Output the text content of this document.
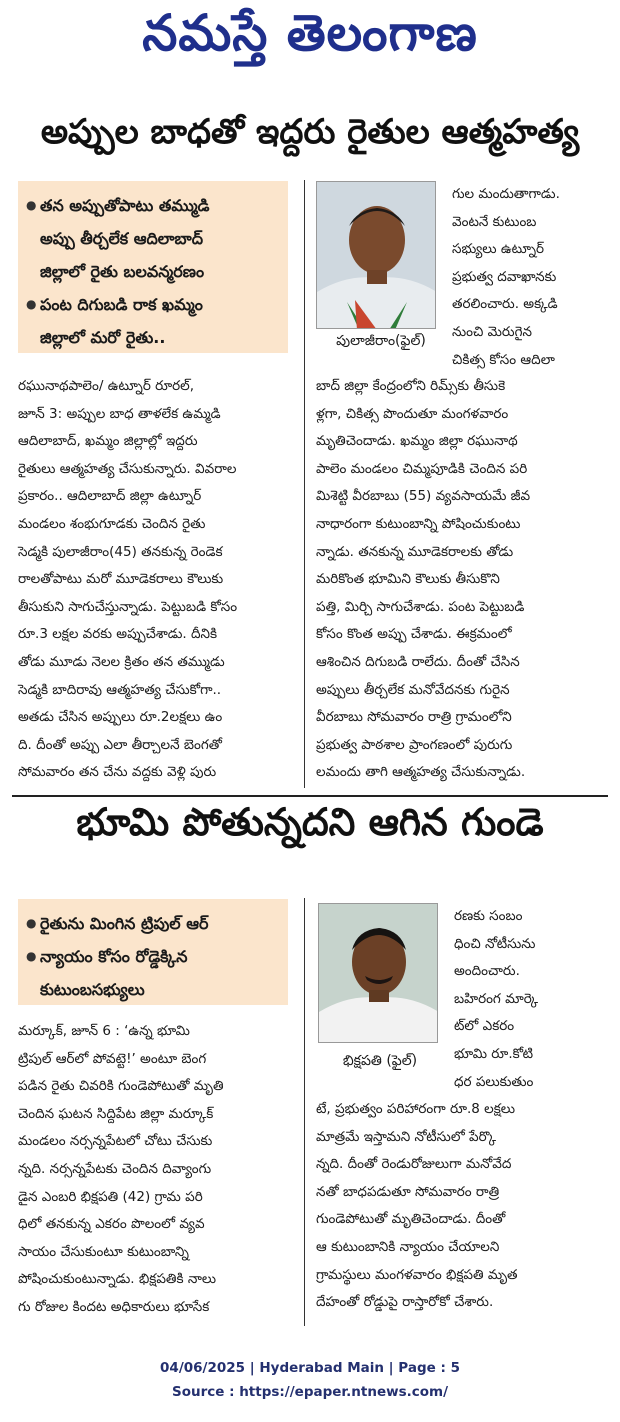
నమస్తే తెలంగాణ
అప్పుల బాధతో ఇద్దరు రైతుల ఆత్మహత్య
● తన అప్పుతోపాటు తమ్ముడి
అప్పు తీర్చలేక ఆదిలాబాద్
జిల్లాలో రైతు బలవన్మరణం
● పంట దిగుబడి రాక ఖమ్మం
జిల్లాలో మరో రైతు..
రఘునాథపాలెం/ ఉట్నూర్ రూరల్,
జూన్ 3: అప్పుల బాధ తాళలేక ఉమ్మడి
ఆదిలాబాద్, ఖమ్మం జిల్లాల్లో ఇద్దరు
రైతులు ఆత్మహత్య చేసుకున్నారు. వివరాల
ప్రకారం.. ఆదిలాబాద్ జిల్లా ఉట్నూర్
మండలం శంభుగూడకు చెందిన రైతు
సెడ్మకి పులాజీరాం(45) తనకున్న రెండెక
రాలతోపాటు మరో మూడెకరాలు కౌలుకు
తీసుకుని సాగుచేస్తున్నాడు. పెట్టుబడి కోసం
రూ.3 లక్షల వరకు అప్పుచేశాడు. దీనికి
తోడు మూడు నెలల క్రితం తన తమ్ముడు
సెడ్మకి బాదిరావు ఆత్మహత్య చేసుకోగా..
అతడు చేసిన అప్పులు రూ.2లక్షలు ఉం
ది. దీంతో అప్పు ఎలా తీర్చాలనే బెంగతో
సోమవారం తన చేను వద్దకు వెళ్లి పురు
పులాజీరాం(ఫైల్)
గుల మందుతాగాడు.
వెంటనే కుటుంబ
సభ్యులు ఉట్నూర్
ప్రభుత్వ దవాఖానకు
తరలించారు. అక్కడి
నుంచి మెరుగైన
చికిత్స కోసం ఆదిలా
బాద్ జిల్లా కేంద్రంలోని రిమ్స్‌కు తీసుకె
ళ్లగా, చికిత్స పొందుతూ మంగళవారం
మృతిచెందాడు. ఖమ్మం జిల్లా రఘునాథ
పాలెం మండలం చిమ్మపూడికి చెందిన పరి
మిశెట్టి వీరబాబు (55) వ్యవసాయమే జీవ
నాధారంగా కుటుంబాన్ని పోషించుకుంటు
న్నాడు. తనకున్న మూడెకరాలకు తోడు
మరికొంత భూమిని కౌలుకు తీసుకొని
పత్తి, మిర్చి సాగుచేశాడు. పంట పెట్టుబడి
కోసం కొంత అప్పు చేశాడు. ఈక్రమంలో
ఆశించిన దిగుబడి రాలేదు. దీంతో చేసిన
అప్పులు తీర్చలేక మనోవేదనకు గురైన
వీరబాబు సోమవారం రాత్రి గ్రామంలోని
ప్రభుత్వ పాఠశాల ప్రాంగణంలో పురుగు
లమందు తాగి ఆత్మహత్య చేసుకున్నాడు.
భూమి పోతున్నదని ఆగిన గుండె
● రైతును మింగిన ట్రిపుల్ ఆర్
● న్యాయం కోసం రోడ్డెక్కిన
కుటుంబసభ్యులు
మర్కూక్, జూన్ 6 : ‘ఉన్న భూమి
ట్రిపుల్ ఆర్‌లో పోవట్టె!’ అంటూ బెంగ
పడిన రైతు చివరికి గుండెపోటుతో మృతి
చెందిన ఘటన సిద్దిపేట జిల్లా మర్కూక్
మండలం నర్సన్నపేటలో చోటు చేసుకు
న్నది. నర్సన్నపేటకు చెందిన దివ్యాంగు
డైన ఎంబరి భిక్షపతి (42) గ్రామ పరి
ధిలో తనకున్న ఎకరం పొలంలో వ్యవ
సాయం చేసుకుంటూ కుటుంబాన్ని
పోషించుకుంటున్నాడు. భిక్షపతికి నాలు
గు రోజుల కిందట అధికారులు భూసేక
భిక్షపతి (ఫైల్)
రణకు సంబం
ధించి నోటీసును
అందించారు.
బహిరంగ మార్కె
ట్‌లో ఎకరం
భూమి రూ.కోటి
ధర పలుకుతుం
టే, ప్రభుత్వం పరిహారంగా రూ.8 లక్షలు
మాత్రమే ఇస్తామని నోటీసులో పేర్కొ
న్నది. దీంతో రెండురోజులుగా మనోవేద
నతో బాధపడుతూ సోమవారం రాత్రి
గుండెపోటుతో మృతిచెందాడు. దీంతో
ఆ కుటుంబానికి న్యాయం చేయాలని
గ్రామస్థులు మంగళవారం భిక్షపతి మృత
దేహంతో రోడ్డుపై రాస్తారోకో చేశారు.
04/06/2025 | Hyderabad Main | Page : 5
Source : https://epaper.ntnews.com/
